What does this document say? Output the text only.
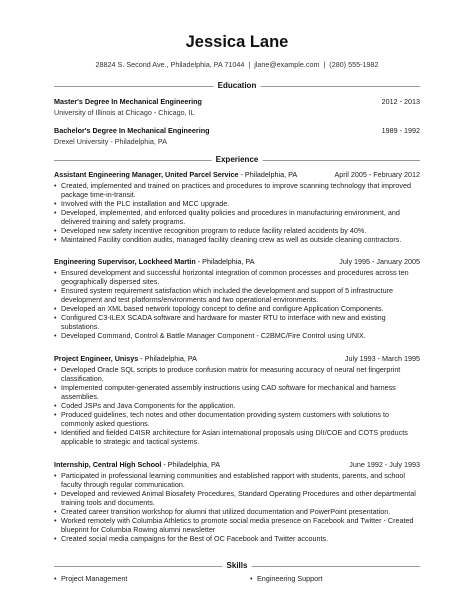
Jessica Lane
28824 S. Second Ave., Philadelphia, PA 71044  |  jlane@example.com  |  (280) 555-1982
Education
Master's Degree In Mechanical Engineering	2012 - 2013
University of Illinois at Chicago - Chicago, IL
Bachelor's Degree In Mechanical Engineering	1989 - 1992
Drexel University - Philadelphia, PA
Experience
Assistant Engineering Manager, United Parcel Service - Philadelphia, PA	April 2005 - February 2012
• Created, implemented and trained on practices and procedures to improve scanning technology that improved package time-in-transit.
• Involved with the PLC installation and MCC upgrade.
• Developed, implemented, and enforced quality policies and procedures in manufacturing environment, and delivered training and safety programs.
• Developed new safety incentive recognition program to reduce facility related accidents by 40%.
• Maintained Facility condition audits, managed facility cleaning crew as well as outside cleaning contractors.
Engineering Supervisor, Lockheed Martin - Philadelphia, PA	July 1995 - January 2005
• Ensured development and successful horizontal integration of common processes and procedures across ten geographically dispersed sites.
• Ensured system requirement satisfaction which included the development and support of 5 infrastructure development and test platforms/environments and two operational environments.
• Developed an XML based network topology concept to define and configure Application Components.
• Configured C3-ILEX SCADA software and hardware for master RTU to interface with new and existing substations.
• Developed Command, Control & Battle Manager Component - C2BMC/Fire Control using UNIX.
Project Engineer, Unisys - Philadelphia, PA	July 1993 - March 1995
• Developed Oracle SQL scripts to produce confusion matrix for measuring accuracy of neural net fingerprint classification.
• Implemented computer-generated assembly instructions using CAD software for mechanical and harness assemblies.
• Coded JSPs and Java Components for the application.
• Produced guidelines, tech notes and other documentation providing system customers with solutions to commonly asked questions.
• Identified and fielded C4ISR architecture for Asian international proposals using DII/COE and COTS products applicable to strategic and tactical systems.
Internship, Central High School - Philadelphia, PA	June 1992 - July 1993
• Participated in professional learning communities and established rapport with students, parents, and school faculty through regular communication.
• Developed and reviewed Animal Biosafety Procedures, Standard Operating Procedures and other departmental training tools and documents.
• Created career transition workshop for alumni that utilized documentation and PowerPoint presentation.
• Worked remotely with Columbia Athletics to promote social media presence on Facebook and Twitter - Created blueprint for Columbia Rowing alumni newsletter
• Created social media campaigns for the Best of OC Facebook and Twitter accounts.
Skills
• Project Management
•	Engineering Support
